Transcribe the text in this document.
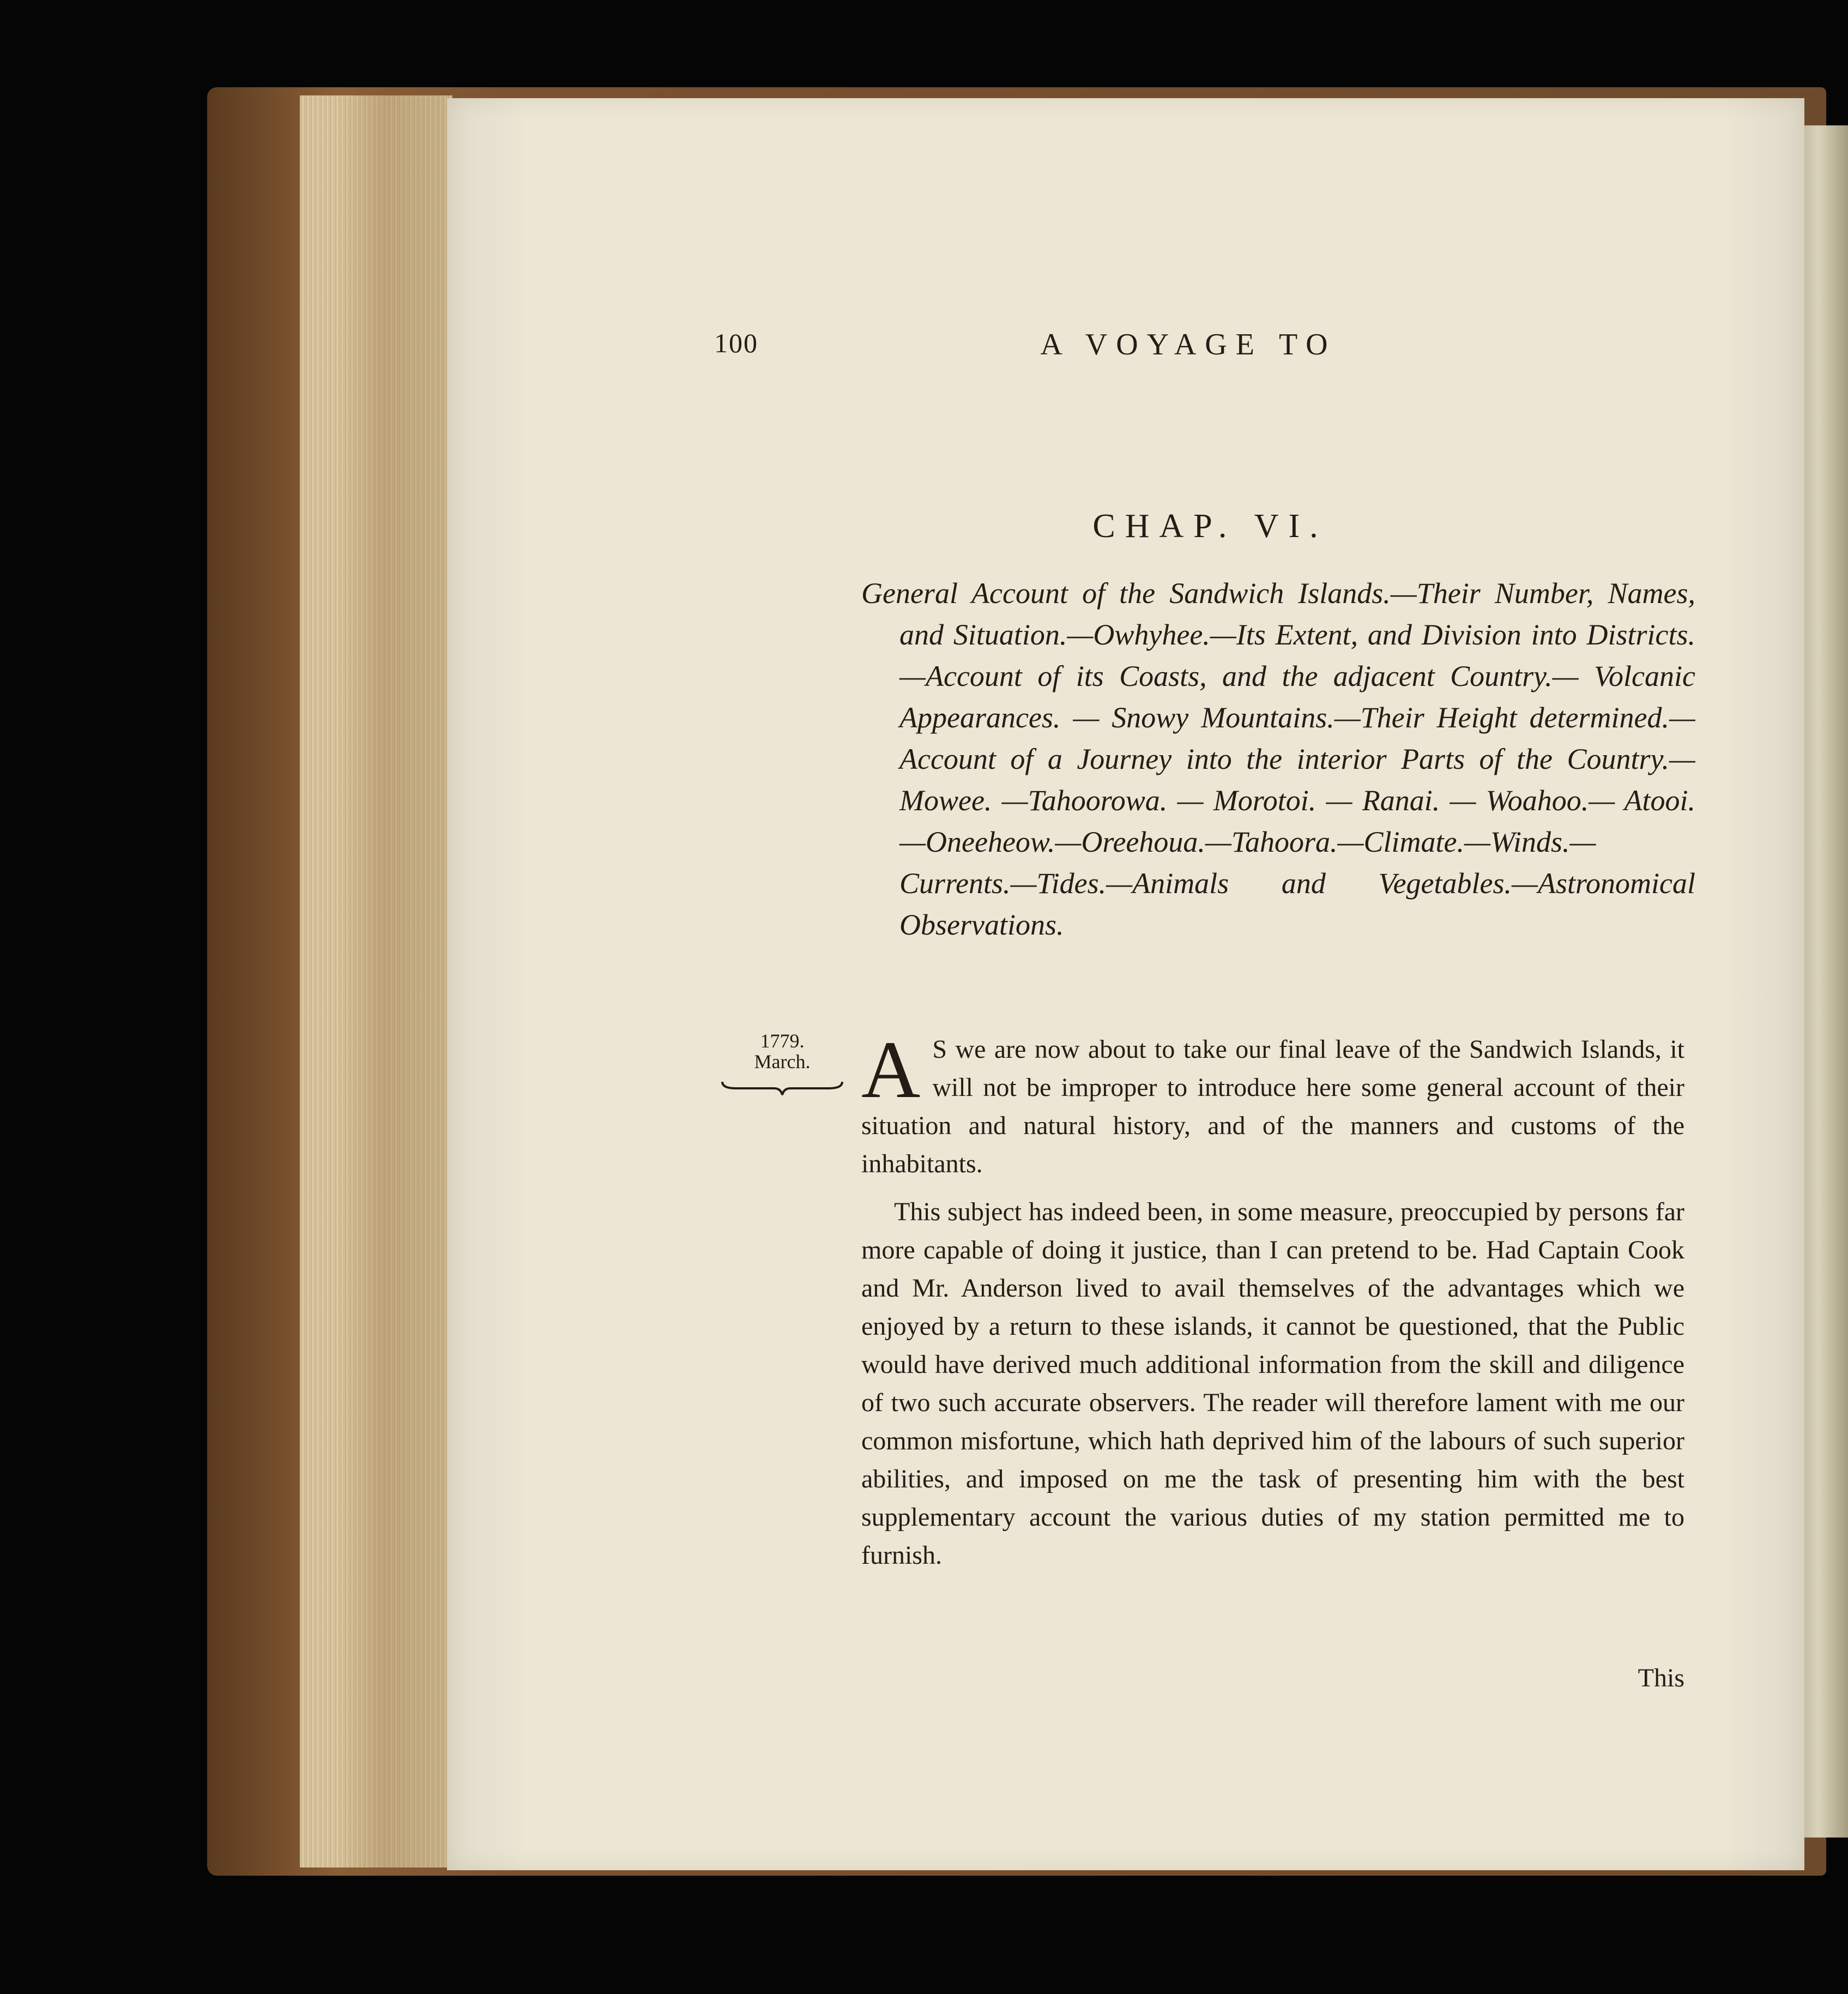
100	A VOYAGE TO
CHAP. VI.
General Account of the Sandwich Islands.—Their Number, Names, and Situation.—Owhyhee.—Its Extent, and Division into Districts.—Account of its Coasts, and the adjacent Country.— Volcanic Appearances. — Snowy Mountains.—Their Height determined.—Account of a Journey into the interior Parts of the Country.—Mowee. —Tahoorowa. — Morotoi. — Ranai. — Woahoo.— Atooi.—Oneeheow.—Oreehoua.—Tahoora.—Climate.—Winds.—Currents.—Tides.—Animals and Vegetables.—Astronomical Observations.
1779.
March. A S we are now about to take our final leave of the Sandwich Islands, it will not be improper to introduce here some general account of their situation and natural history, and of the manners and customs of the inhabitants.

This subject has indeed been, in some measure, preoccupied by persons far more capable of doing it justice, than I can pretend to be. Had Captain Cook and Mr. Anderson lived to avail themselves of the advantages which we enjoyed by a return to these islands, it cannot be questioned, that the Public would have derived much additional information from the skill and diligence of two such accurate observers. The reader will therefore lament with me our common misfortune, which hath deprived him of the labours of such superior abilities, and imposed on me the task of presenting him with the best supplementary account the various duties of my station permitted me to furnish.

This
